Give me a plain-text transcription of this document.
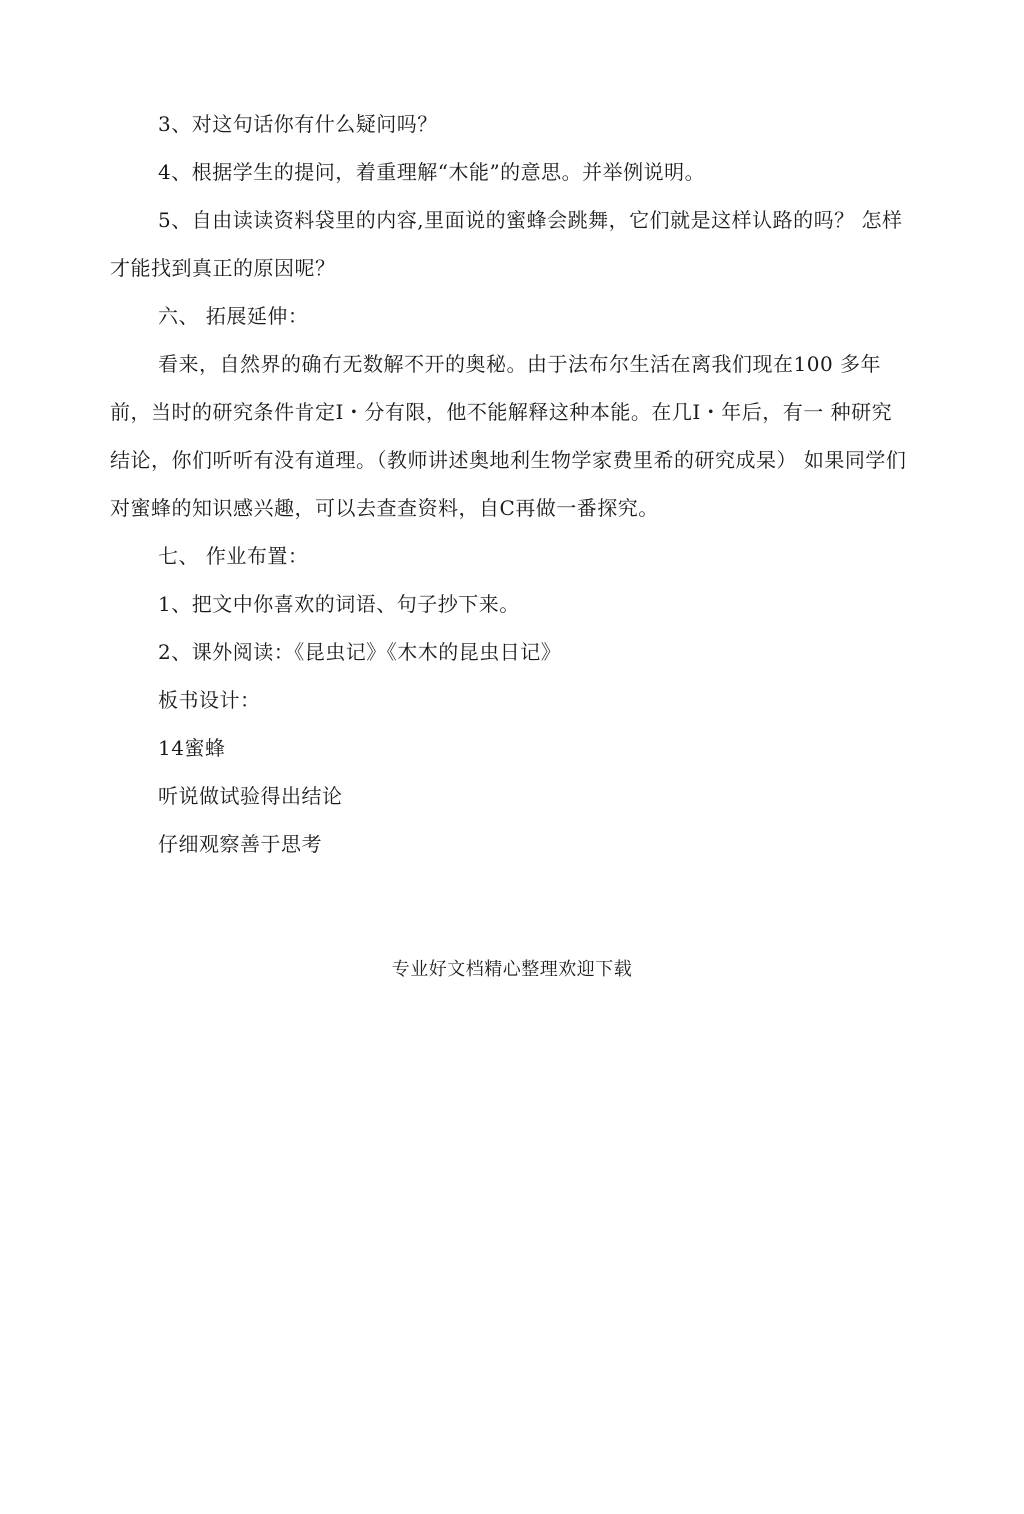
3、对这句话你有什么疑问吗？

4、根据学生的提问，着重理解“木能”的意思。并举例说明。

5、自由读读资料袋里的内容,里面说的蜜蜂会跳舞，它们就是这样认路的吗？ 怎样才能找到真正的原因呢？

六、 拓展延伸：

看来，自然界的确冇无数解不开的奥秘。由于法布尔生活在离我们现在100 多年前，当时的研究条件肯定I・分有限，他不能解释这种本能。在几I・年后，有一 种研究结论，你们听听有没有道理。（教师讲述奥地利生物学家费里希的研究成杲） 如果同学们对蜜蜂的知识感兴趣，可以去查查资料，自C再做一番探究。

七、 作业布置：

1、把文中你喜欢的词语、句子抄下来。

2、课外阅读：《昆虫记》《木木的昆虫日记》

板书设计：

14蜜蜂

听说做试验得出结论

仔细观察善于思考

专业好文档精心整理欢迎下载
